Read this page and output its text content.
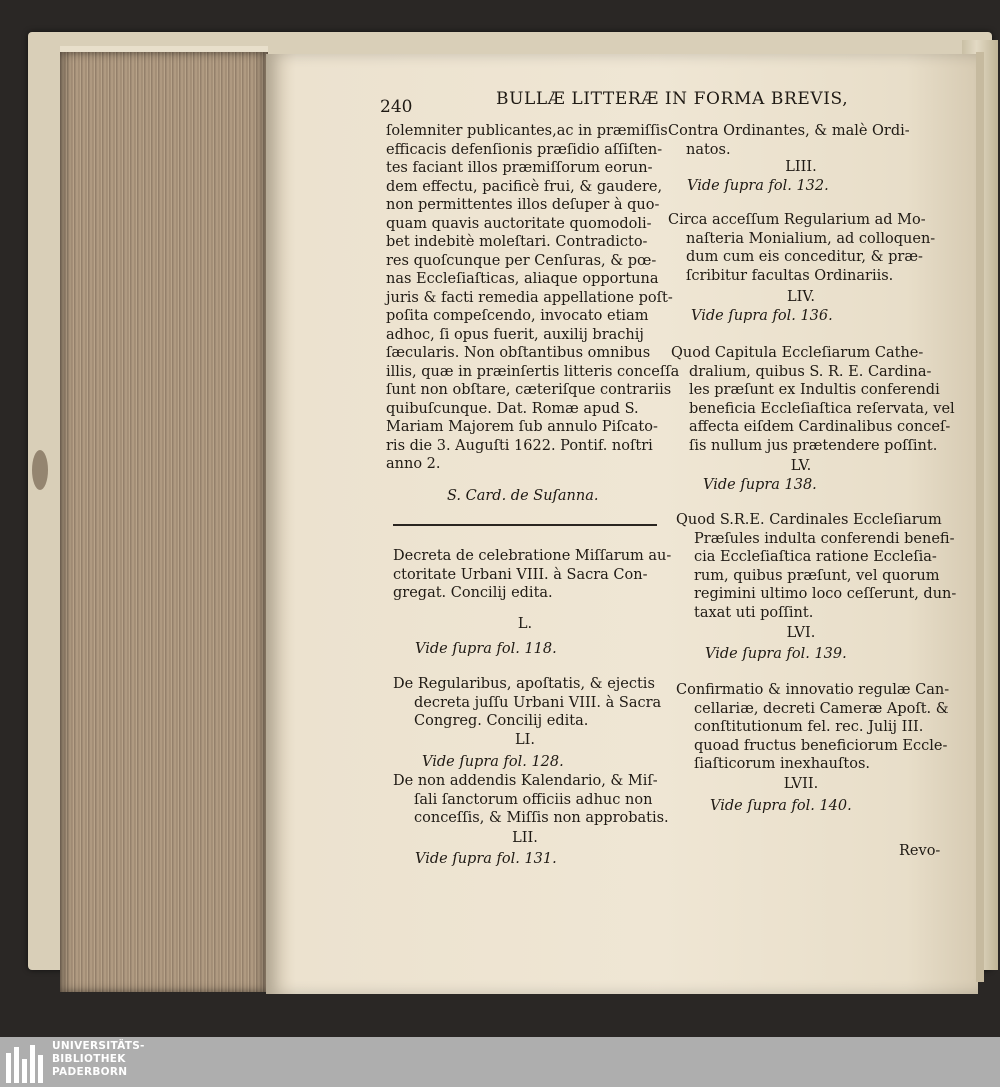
240	BULLÆ LITTERÆ IN FORMA BREVIS,
ſolemniter publicantes,ac in præmiſſis
efficacis defenſionis præſidio aſſiſten-
tes faciant illos præmiſſorum eorun-
dem effectu, pacificè frui, & gaudere,
non permittentes illos deſuper à quo-
quam quavis auctoritate quomodoli-
bet indebitè moleſtari. Contradicto-
res quoſcunque per Cenſuras, & pœ-
nas Eccleſiaſticas, aliaque opportuna
juris & facti remedia appellatione poſt-
poſita compeſcendo, invocato etiam
adhoc, ſi opus fuerit, auxilij brachij
ſæcularis. Non obſtantibus omnibus
illis, quæ in præinſertis litteris conceſſa
ſunt non obſtare, cæteriſque contrariis
quibuſcunque. Dat. Romæ apud S.
Mariam Majorem ſub annulo Piſcato-
ris die 3. Auguſti 1622. Pontif. noſtri
anno 2.
S. Card. de Suſanna.
Decreta de celebratione Miſſarum au-
ctoritate Urbani VIII. à Sacra Con-
gregat. Concilij edita.
L.
Vide ſupra fol. 118.
De Regularibus, apoſtatis, & ejectis
decreta juſſu Urbani VIII. à Sacra
Congreg. Concilij edita.
LI.
Vide ſupra fol. 128.
De non addendis Kalendario, & Miſ-
ſali ſanctorum officiis adhuc non
conceſſis, & Miſſis non approbatis.
LII.
Vide ſupra fol. 131.
Contra Ordinantes, & malè Ordi-
natos.
LIII.
Vide ſupra fol. 132.
Circa acceſſum Regularium ad Mo-
naſteria Monialium, ad colloquen-
dum cum eis conceditur, & præ-
ſcribitur facultas Ordinariis.
LIV.
Vide ſupra fol. 136.
Quod Capitula Eccleſiarum Cathe-
dralium, quibus S. R. E. Cardina-
les præſunt ex Indultis conferendi
beneficia Eccleſiaſtica reſervata, vel
affecta eiſdem Cardinalibus conceſ-
ſis nullum jus prætendere poſſint.
LV.
Vide ſupra 138.
Quod S.R.E. Cardinales Eccleſiarum
Præſules indulta conferendi benefi-
cia Eccleſiaſtica ratione Eccleſia-
rum, quibus præſunt, vel quorum
regimini ultimo loco ceſſerunt, dun-
taxat uti poſſint.
LVI.
Vide ſupra fol. 139.
Confirmatio & innovatio regulæ Can-
cellariæ, decreti Cameræ Apoſt. &
conſtitutionum fel. rec. Julij III.
quoad fructus beneficiorum Eccle-
ſiaſticorum inexhauſtos.
LVII.
Vide ſupra fol. 140.
Revo-
UNIVERSITÄTS-
BIBLIOTHEK
PADERBORN
